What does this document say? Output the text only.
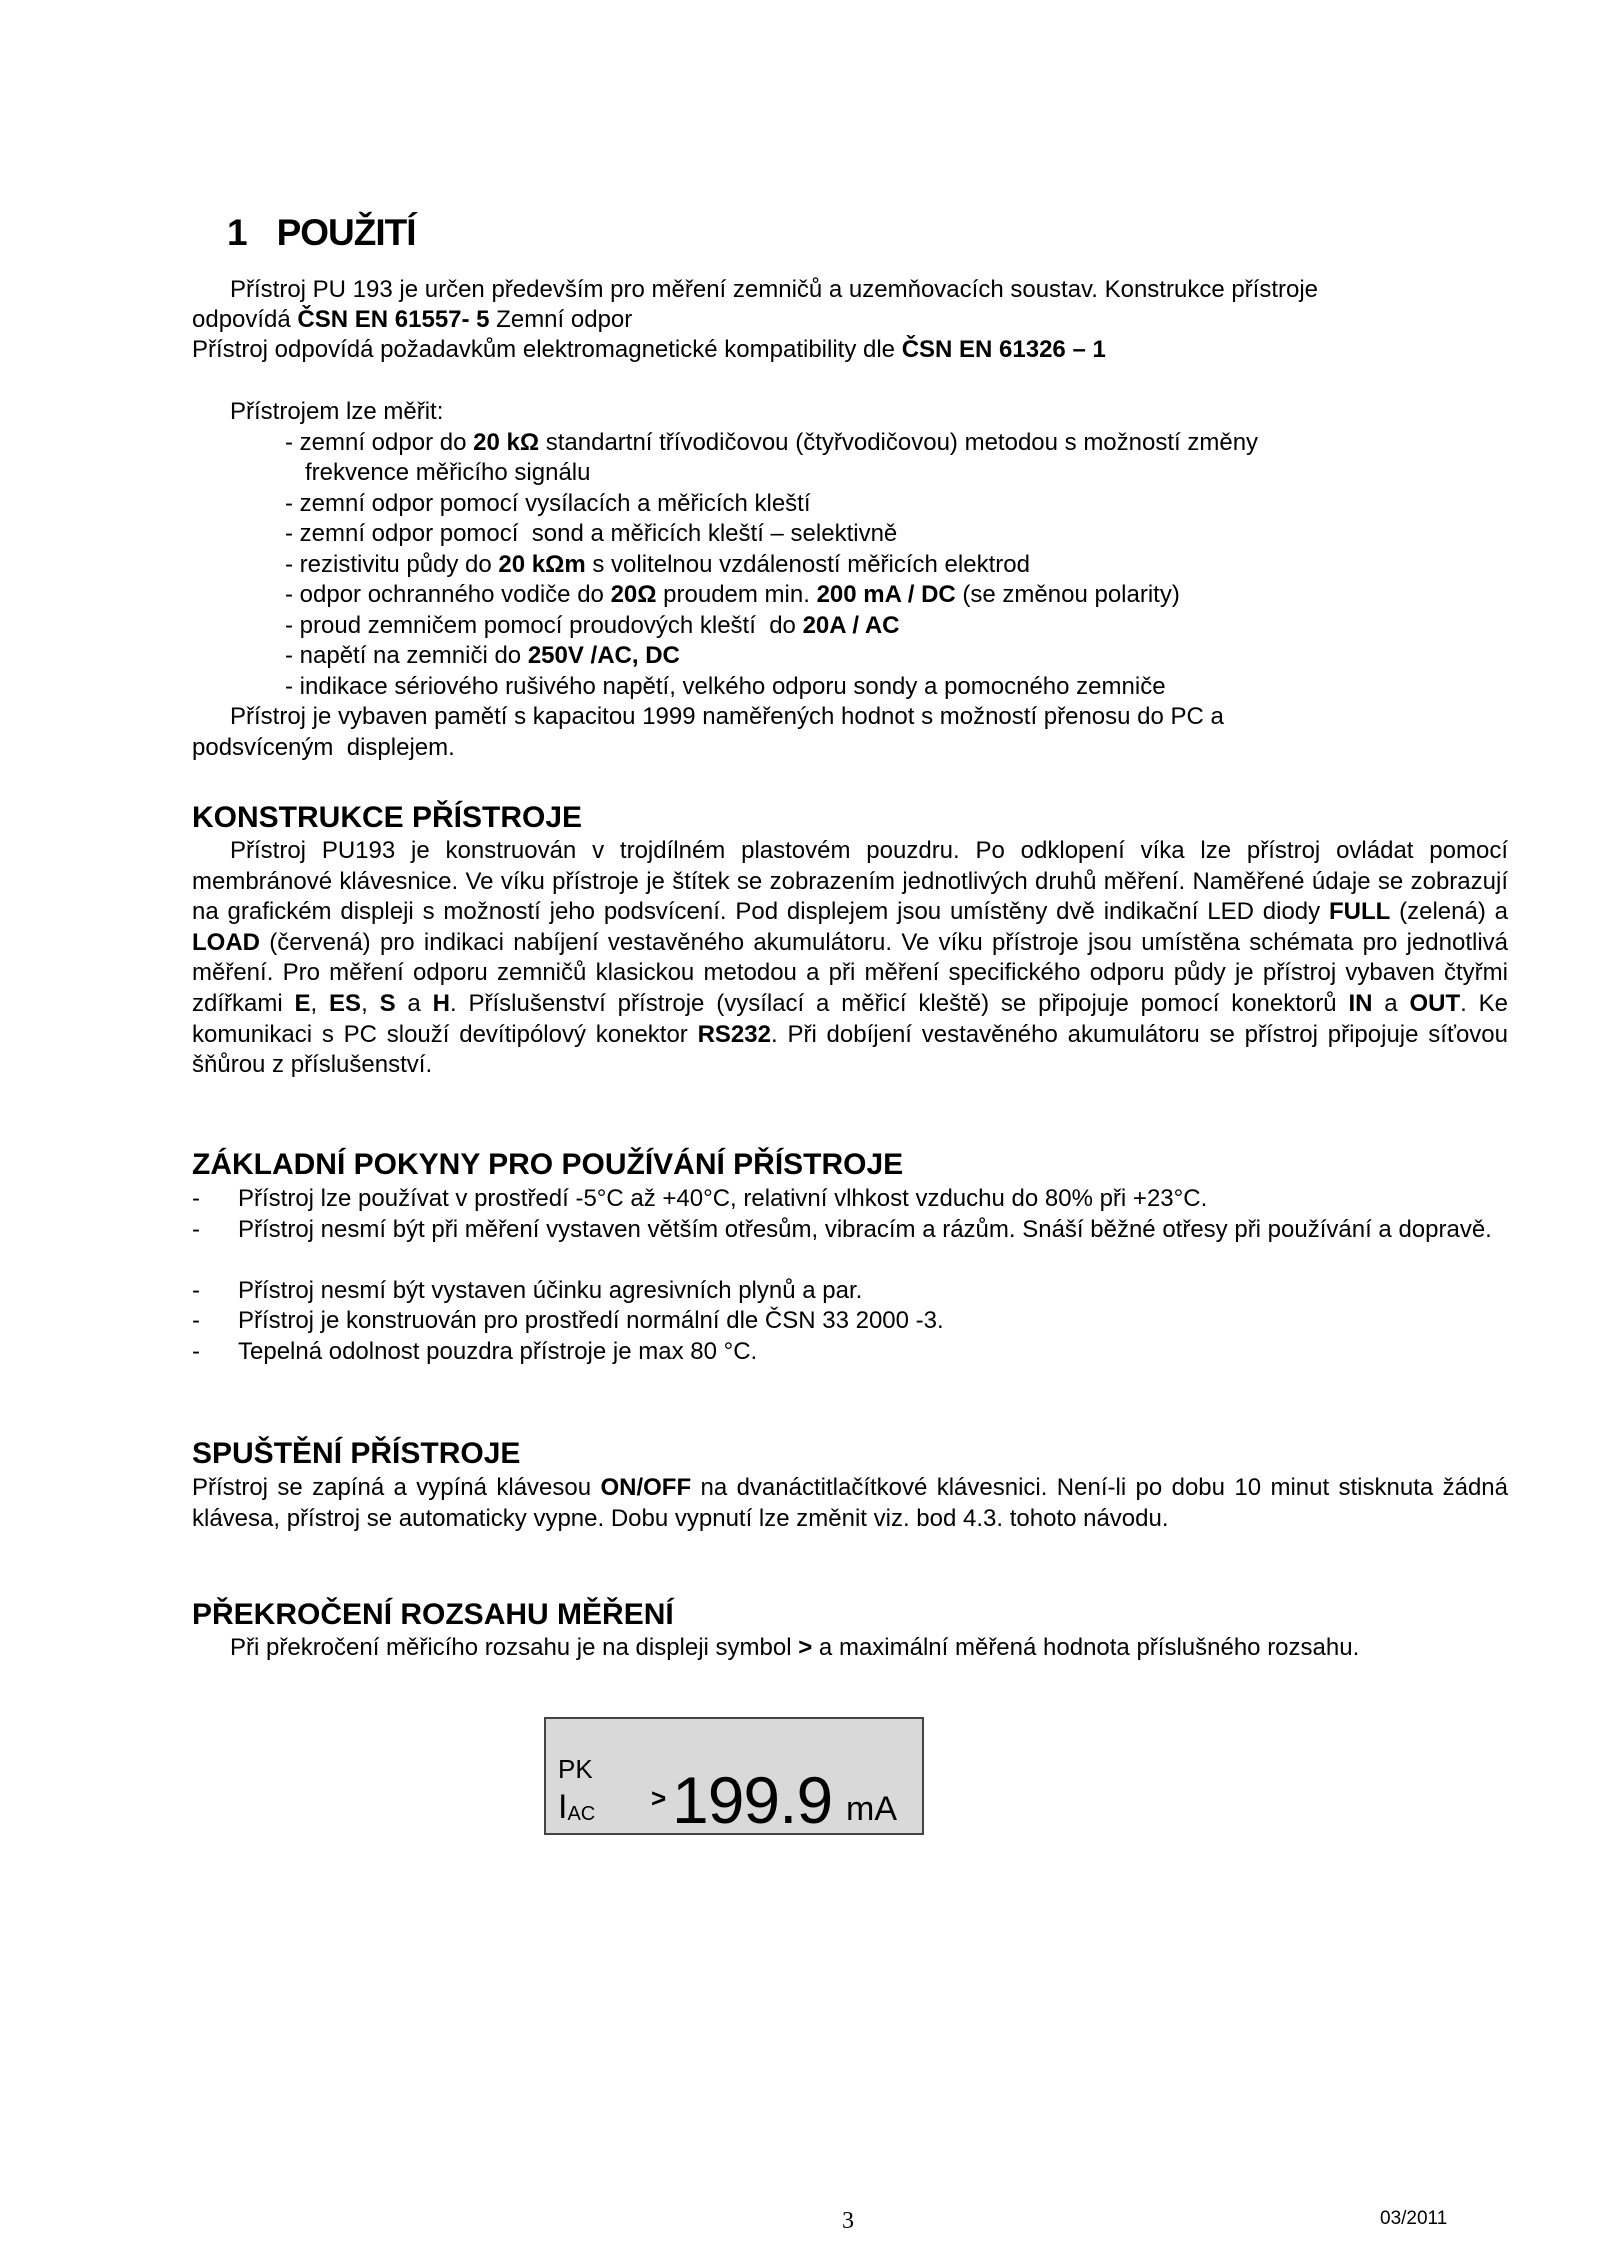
1 POUŽITÍ
Přístroj PU 193 je určen především pro měření zemničů a uzemňovacích soustav. Konstrukce přístroje
odpovídá ČSN EN 61557- 5 Zemní odpor
Přístroj odpovídá požadavkům elektromagnetické kompatibility dle ČSN EN 61326 – 1
Přístrojem lze měřit:
- zemní odpor do 20 kΩ standartní třívodičovou (čtyřvodičovou) metodou s možností změny
frekvence měřicího signálu
- zemní odpor pomocí vysílacích a měřicích kleští
- zemní odpor pomocí  sond a měřicích kleští – selektivně
- rezistivitu půdy do 20 kΩm s volitelnou vzdáleností měřicích elektrod
- odpor ochranného vodiče do 20Ω proudem min. 200 mA / DC (se změnou polarity)
- proud zemničem pomocí proudových kleští  do 20A / AC
- napětí na zemniči do 250V /AC, DC
- indikace sériového rušivého napětí, velkého odporu sondy a pomocného zemniče
Přístroj je vybaven pamětí s kapacitou 1999 naměřených hodnot s možností přenosu do PC a
podsvíceným  displejem.
KONSTRUKCE PŘÍSTROJE

Přístroj PU193 je konstruován v trojdílném plastovém pouzdru. Po odklopení víka lze přístroj ovládat pomocí membránové klávesnice. Ve víku přístroje je štítek se zobrazením jednotlivých druhů měření. Naměřené údaje se zobrazují na grafickém displeji s možností jeho podsvícení. Pod displejem jsou umístěny dvě indikační LED diody FULL (zelená) a LOAD (červená) pro indikaci nabíjení vestavěného akumulátoru. Ve víku přístroje jsou umístěna schémata pro jednotlivá měření. Pro měření odporu zemničů klasickou metodou a při měření specifického odporu půdy je přístroj vybaven čtyřmi zdířkami E, ES, S a H. Příslušenství přístroje (vysílací a měřicí kleště) se připojuje pomocí konektorů IN a OUT. Ke komunikaci s PC slouží devítipólový konektor RS232. Při dobíjení vestavěného akumulátoru se přístroj připojuje síťovou šňůrou z příslušenství.

ZÁKLADNÍ POKYNY PRO POUŽÍVÁNÍ PŘÍSTROJE
- Přístroj lze používat v prostředí -5°C až +40°C, relativní vlhkost vzduchu do 80% při +23°C.
- Přístroj nesmí být při měření vystaven větším otřesům, vibracím a rázům. Snáší běžné otřesy při používání a dopravě.
- Přístroj nesmí být vystaven účinku agresivních plynů a par.
- Přístroj je konstruován pro prostředí normální dle ČSN 33 2000 -3.
- Tepelná odolnost pouzdra přístroje je max 80 °C.
SPUŠTĚNÍ PŘÍSTROJE

Přístroj se zapíná a vypíná klávesou ON/OFF na dvanáctitlačítkové klávesnici. Není-li po dobu 10 minut stisknuta žádná klávesa, přístroj se automaticky vypne. Dobu vypnutí lze změnit viz. bod 4.3. tohoto návodu.

PŘEKROČENÍ ROZSAHU MĚŘENÍ
Při překročení měřicího rozsahu je na displeji symbol > a maximální měřená hodnota příslušného rozsahu.
PK
$I_{AC}$
> 199.9 mA
3	03/2011
